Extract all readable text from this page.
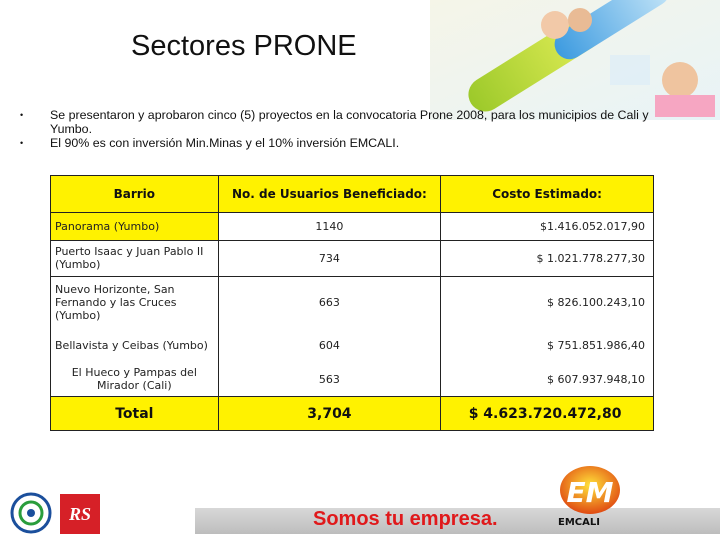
Sectores PRONE
•	Se presentaron y aprobaron cinco (5) proyectos en la convocatoria Prone 2008, para los municipios de Cali y Yumbo.
•	El 90% es con inversión Min.Minas y el 10% inversión EMCALI.
Barrio	No. de Usuarios Beneficiado:	Costo Estimado:
Panorama (Yumbo)	1140	$1.416.052.017,90
Puerto Isaac y Juan Pablo II (Yumbo)	734	$ 1.021.778.277,30
Nuevo Horizonte, San Fernando y las Cruces (Yumbo)	663	$ 826.100.243,10
Bellavista y Ceibas (Yumbo)	604	$ 751.851.986,40
El Hueco y Pampas del Mirador (Cali)	563	$ 607.937.948,10
Total	3,704	$ 4.623.720.472,80
Somos tu empresa.
RS
EM
EMCALI
